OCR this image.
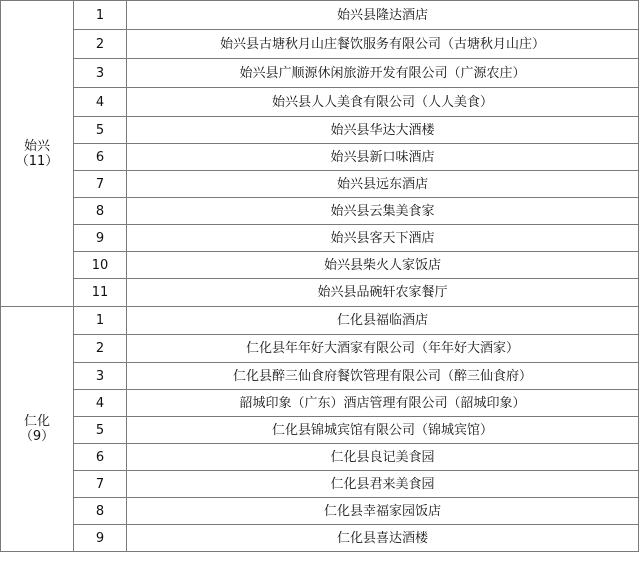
始兴
（11）	1	始兴县隆达酒店
	2	始兴县古塘秋月山庄餐饮服务有限公司（古塘秋月山庄）
	3	始兴县广顺源休闲旅游开发有限公司（广源农庄）
	4	始兴县人人美食有限公司（人人美食）
	5	始兴县华达大酒楼
	6	始兴县新口味酒店
	7	始兴县远东酒店
	8	始兴县云集美食家
	9	始兴县客天下酒店
	10	始兴县柴火人家饭店
	11	始兴县品碗轩农家餐厅

仁化
（9）	1	仁化县福临酒店
	2	仁化县年年好大酒家有限公司（年年好大酒家）
	3	仁化县醉三仙食府餐饮管理有限公司（醉三仙食府）
	4	韶城印象（广东）酒店管理有限公司（韶城印象）
	5	仁化县锦城宾馆有限公司（锦城宾馆）
	6	仁化县良记美食园
	7	仁化县君来美食园
	8	仁化县幸福家园饭店
	9	仁化县喜达酒楼
